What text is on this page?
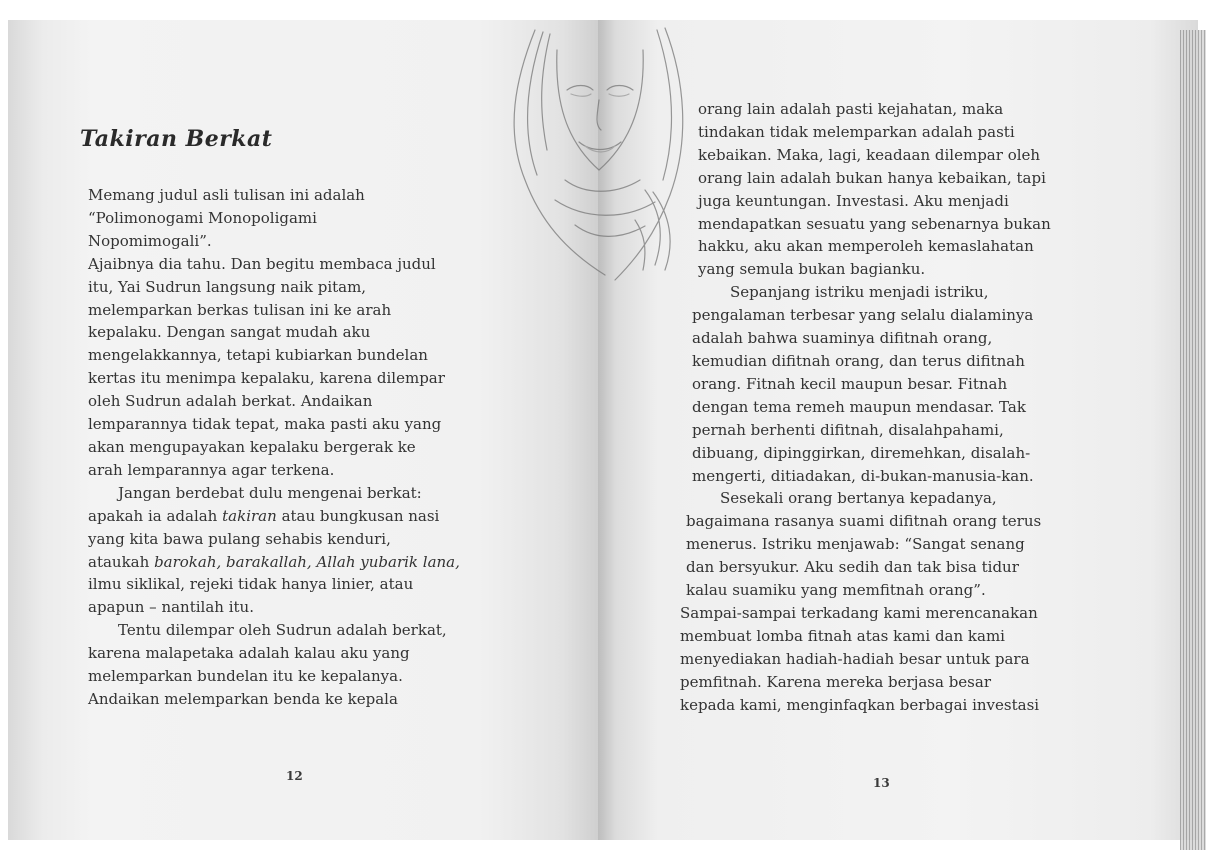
Takiran Berkat

Memang judul asli tulisan ini adalah
“Polimonogami Monopoligami
Nopomimogali”.
Ajaibnya dia tahu. Dan begitu membaca judul
itu, Yai Sudrun langsung naik pitam,
melemparkan berkas tulisan ini ke arah
kepalaku. Dengan sangat mudah aku
mengelakkannya, tetapi kubiarkan bundelan
kertas itu menimpa kepalaku, karena dilempar
oleh Sudrun adalah berkat. Andaikan
lemparannya tidak tepat, maka pasti aku yang
akan mengupayakan kepalaku bergerak ke
arah lemparannya agar terkena.
Jangan berdebat dulu mengenai berkat:
apakah ia adalah takiran atau bungkusan nasi
yang kita bawa pulang sehabis kenduri,
ataukah barokah, barakallah, Allah yubarik lana,
ilmu siklikal, rejeki tidak hanya linier, atau
apapun – nantilah itu.
Tentu dilempar oleh Sudrun adalah berkat,
karena malapetaka adalah kalau aku yang
melemparkan bundelan itu ke kepalanya.
Andaikan melemparkan benda ke kepala

12

orang lain adalah pasti kejahatan, maka
tindakan tidak melemparkan adalah pasti
kebaikan. Maka, lagi, keadaan dilempar oleh
orang lain adalah bukan hanya kebaikan, tapi
juga keuntungan. Investasi. Aku menjadi
mendapatkan sesuatu yang sebenarnya bukan
hakku, aku akan memperoleh kemaslahatan
yang semula bukan bagianku.
Sepanjang istriku menjadi istriku,
pengalaman terbesar yang selalu dialaminya
adalah bahwa suaminya difitnah orang,
kemudian difitnah orang, dan terus difitnah
orang. Fitnah kecil maupun besar. Fitnah
dengan tema remeh maupun mendasar. Tak
pernah berhenti difitnah, disalahpahami,
dibuang, dipinggirkan, diremehkan, disalah-
mengerti, ditiadakan, di-bukan-manusia-kan.
Sesekali orang bertanya kepadanya,
bagaimana rasanya suami difitnah orang terus
menerus. Istriku menjawab: “Sangat senang
dan bersyukur. Aku sedih dan tak bisa tidur
kalau suamiku yang memfitnah orang”.
Sampai-sampai terkadang kami merencanakan
membuat lomba fitnah atas kami dan kami
menyediakan hadiah-hadiah besar untuk para
pemfitnah. Karena mereka berjasa besar
kepada kami, menginfaqkan berbagai investasi

13
